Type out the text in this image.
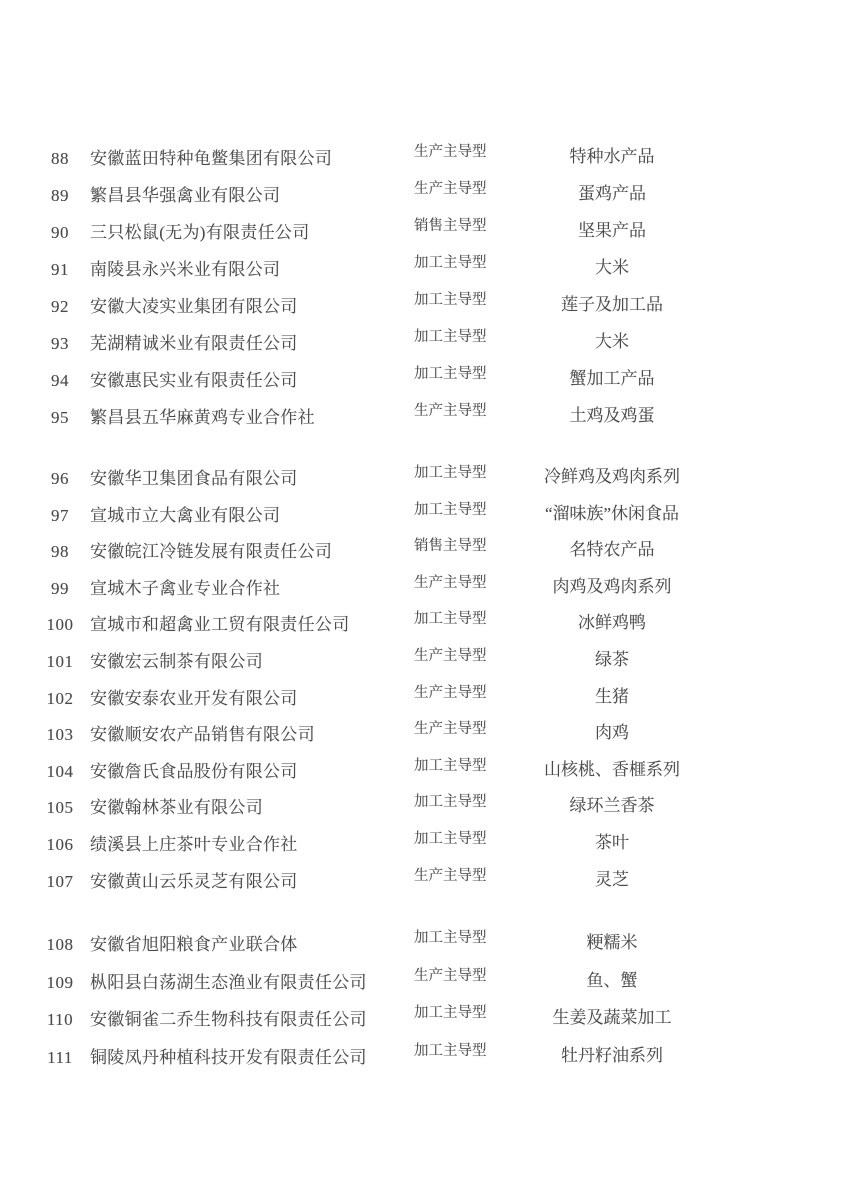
88	安徽蓝田特种龟鳖集团有限公司	生产主导型	特种水产品
89	繁昌县华强禽业有限公司	生产主导型	蛋鸡产品
90	三只松鼠(无为)有限责任公司	销售主导型	坚果产品
91	南陵县永兴米业有限公司	加工主导型	大米
92	安徽大凌实业集团有限公司	加工主导型	莲子及加工品
93	芜湖精诚米业有限责任公司	加工主导型	大米
94	安徽惠民实业有限责任公司	加工主导型	蟹加工产品
95	繁昌县五华麻黄鸡专业合作社	生产主导型	土鸡及鸡蛋
96	安徽华卫集团食品有限公司	加工主导型	冷鲜鸡及鸡肉系列
97	宣城市立大禽业有限公司	加工主导型	“溜味族”休闲食品
98	安徽皖江冷链发展有限责任公司	销售主导型	名特农产品
99	宣城木子禽业专业合作社	生产主导型	肉鸡及鸡肉系列
100 宣城市和超禽业工贸有限责任公司	加工主导型	冰鲜鸡鸭
101 安徽宏云制茶有限公司	生产主导型	绿茶
102 安徽安泰农业开发有限公司	生产主导型	生猪
103 安徽顺安农产品销售有限公司	生产主导型	肉鸡
104 安徽詹氏食品股份有限公司	加工主导型	山核桃、香榧系列
105 安徽翰林茶业有限公司	加工主导型	绿环兰香茶
106 绩溪县上庄茶叶专业合作社	加工主导型	茶叶
107 安徽黄山云乐灵芝有限公司	生产主导型	灵芝
108 安徽省旭阳粮食产业联合体	加工主导型	粳糯米
109 枞阳县白荡湖生态渔业有限责任公司	生产主导型	鱼、蟹
110 安徽铜雀二乔生物科技有限责任公司	加工主导型	生姜及蔬菜加工
111	铜陵凤丹种植科技开发有限责任公司	加工主导型	牡丹籽油系列
